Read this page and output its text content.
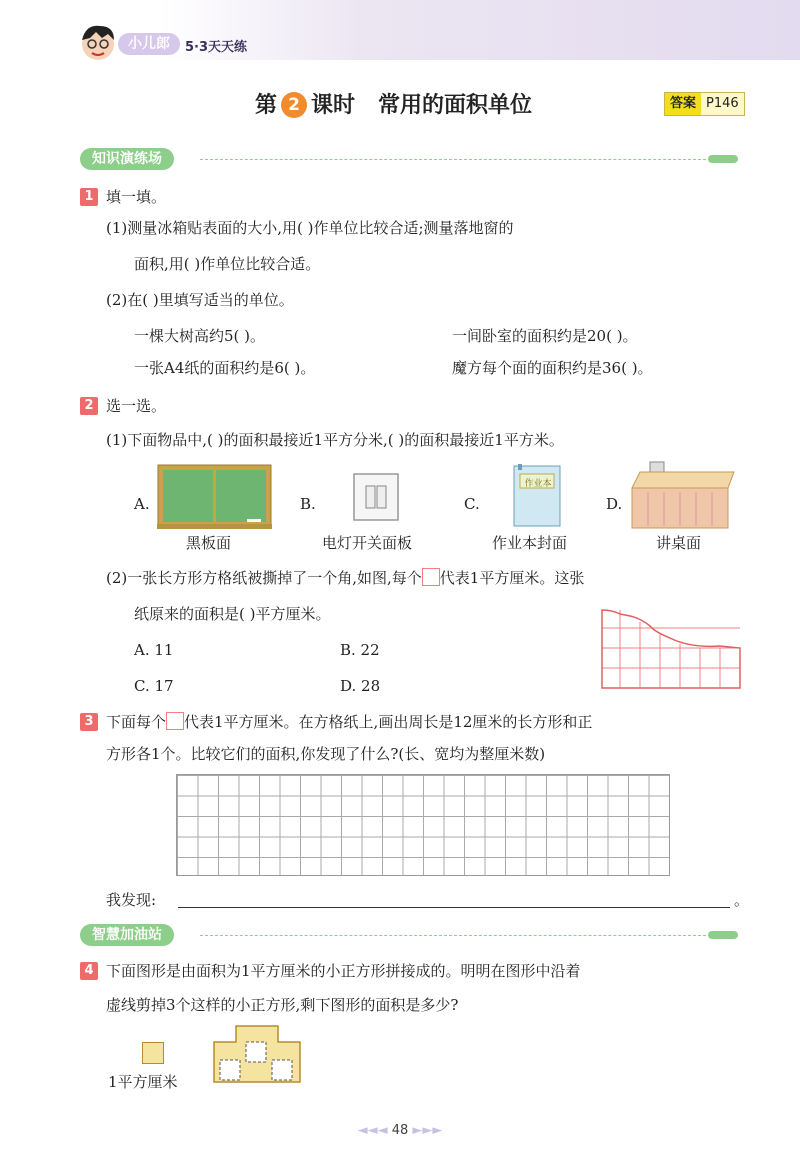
小儿郎	5·3天天练
第 2 课时 常用的面积单位	答案 P146
知识演练场
1 填一填。
(1)测量冰箱贴表面的大小,用( )作单位比较合适;测量落地窗的
面积,用( )作单位比较合适。
(2)在( )里填写适当的单位。
一棵大树高约5( )。	一间卧室的面积约是20( )。
一张A4纸的面积约是6( )。	魔方每个面的面积约是36( )。
2 选一选。
(1)下面物品中,( )的面积最接近1平方分米,( )的面积最接近1平方米。
A.
黑板面
B.
电灯开关面板
C.
作业本
作业本封面
D.
讲桌面
(2)一张长方形方格纸被撕掉了一个角,如图,每个 代表1平方厘米。这张
纸原来的面积是( )平方厘米。
A. 11	B. 22
C. 17	D. 28
3 下面每个 代表1平方厘米。在方格纸上,画出周长是12厘米的长方形和正
方形各1个。比较它们的面积,你发现了什么?(长、宽均为整厘米数)
我发现:	。
智慧加油站
4 下面图形是由面积为1平方厘米的小正方形拼接成的。明明在图形中沿着
虚线剪掉3个这样的小正方形,剩下图形的面积是多少?
1平方厘米
◄◄◄ 48 ►►►
